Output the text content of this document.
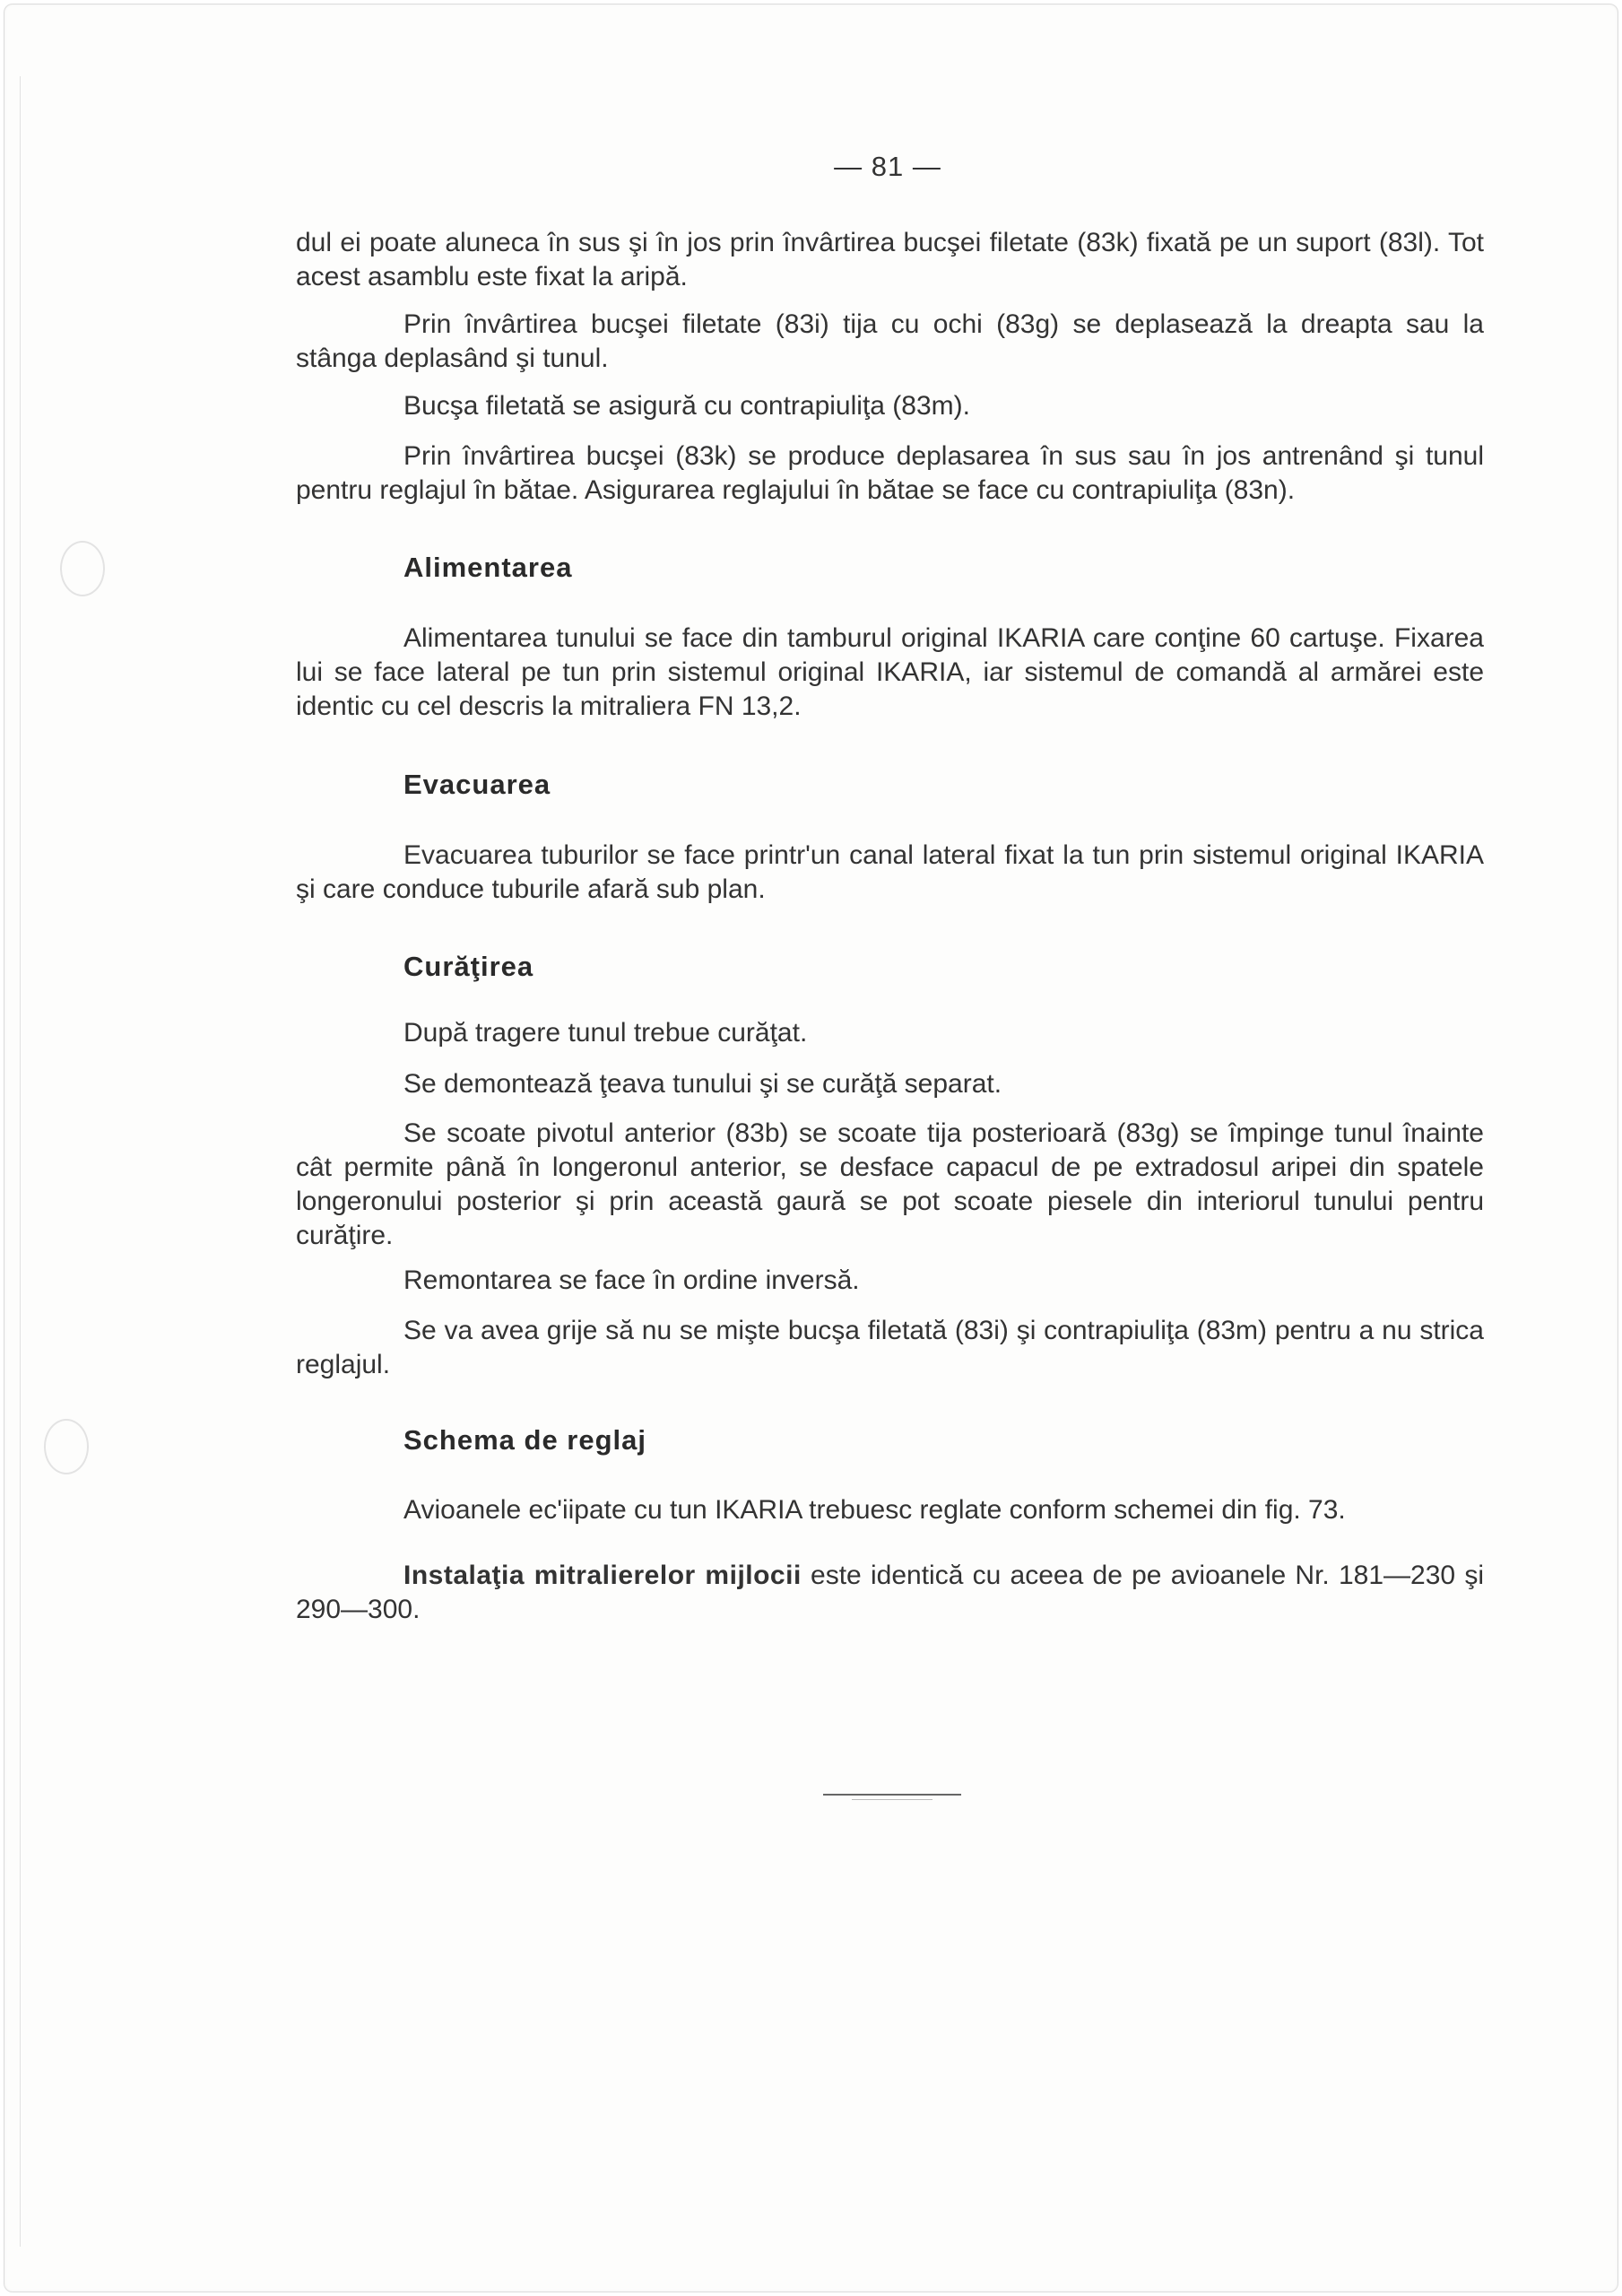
— 81 —
dul ei poate aluneca în sus şi în jos prin învârtirea bucşei filetate (83k) fixată pe un suport (83l). Tot acest asamblu este fixat la aripă.
Prin învârtirea bucşei filetate (83i) tija cu ochi (83g) se deplasează la dreapta sau la stânga deplasând şi tunul.
Bucşa filetată se asigură cu contrapiuliţa (83m).
Prin învârtirea bucşei (83k) se produce deplasarea în sus sau în jos antrenând şi tunul pentru reglajul în bătae. Asigurarea reglajului în bătae se face cu contrapiuliţa (83n).
Alimentarea
Alimentarea tunului se face din tamburul original IKARIA care conţine 60 cartuşe. Fixarea lui se face lateral pe tun prin sistemul original IKARIA, iar sistemul de comandă al armărei este identic cu cel descris la mitraliera FN 13,2.
Evacuarea
Evacuarea tuburilor se face printr'un canal lateral fixat la tun prin sistemul original IKARIA şi care conduce tuburile afară sub plan.
Curăţirea
După tragere tunul trebue curăţat.
Se demontează ţeava tunului şi se curăţă separat.
Se scoate pivotul anterior (83b) se scoate tija posterioară (83g) se împinge tunul înainte cât permite până în longeronul anterior, se desface capacul de pe extradosul aripei din spatele longeronului posterior şi prin această gaură se pot scoate piesele din interiorul tunului pentru curăţire.
Remontarea se face în ordine inversă.
Se va avea grije să nu se mişte bucşa filetată (83i) şi contrapiuliţa (83m) pentru a nu strica reglajul.
Schema de reglaj
Avioanele ec'iipate cu tun IKARIA trebuesc reglate conform schemei din fig. 73.
Instalaţia mitralierelor mijlocii este identică cu aceea de pe avioanele Nr. 181—230 şi 290—300.
